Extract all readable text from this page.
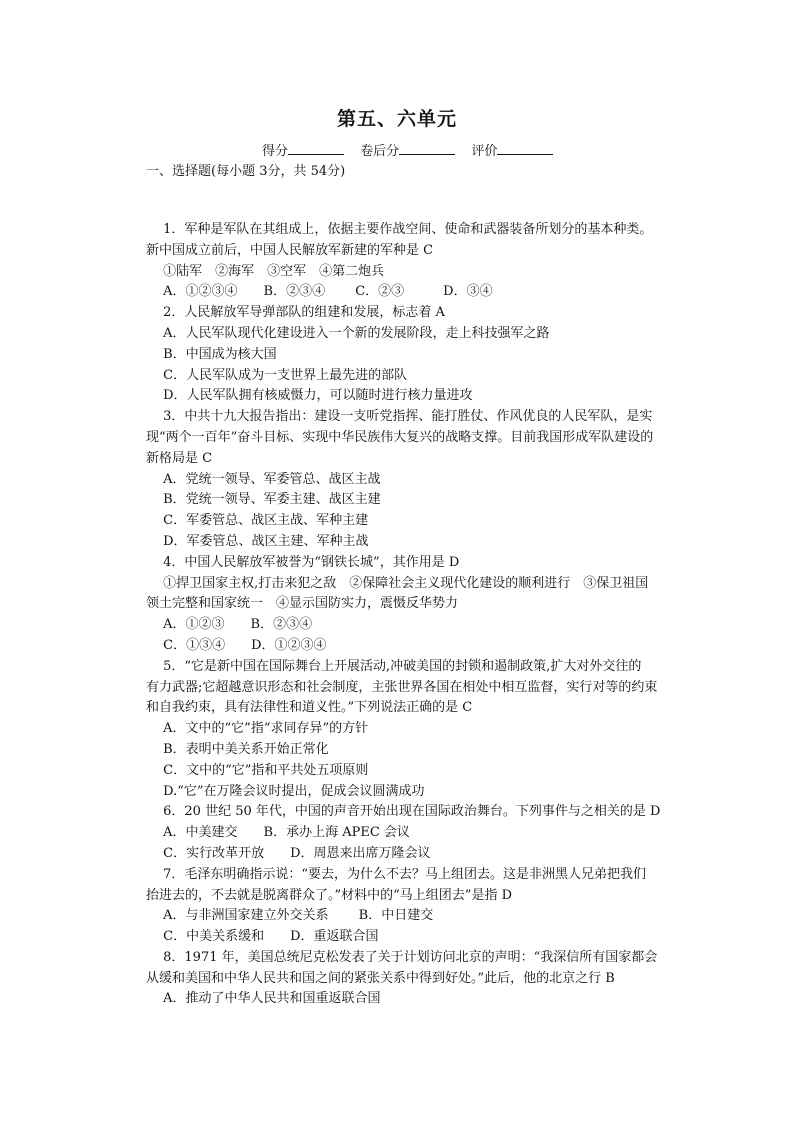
第五、六单元
得分	卷后分	评价
一、选择题(每小题 3分，共 54分)
　 1．军种是军队在其组成上，依据主要作战空间、使命和武器装备所划分的基本种类。
新中国成立前后，中国人民解放军新建的军种是 C
　 ①陆军　②海军　③空军　④第二炮兵
　 A．①②③④　　B．②③④　　 C．②③　　　D．③④
　 2．人民解放军导弹部队的组建和发展，标志着 A
　 A．人民军队现代化建设进入一个新的发展阶段，走上科技强军之路
　 B．中国成为核大国
　 C．人民军队成为一支世界上最先进的部队
　 D．人民军队拥有核威慑力，可以随时进行核力量进攻
　 3．中共十九大报告指出：建设一支听党指挥、能打胜仗、作风优良的人民军队，是实
现“两个一百年”奋斗目标、实现中华民族伟大复兴的战略支撑。目前我国形成军队建设的
新格局是 C
　 A．党统一领导、军委管总、战区主战
　 B．党统一领导、军委主建、战区主建
　 C．军委管总、战区主战、军种主建
　 D．军委管总、战区主建、军种主战
　 4．中国人民解放军被誉为“钢铁长城”，其作用是 D
　 ①捍卫国家主权,打击来犯之敌　②保障社会主义现代化建设的顺利进行　③保卫祖国
领土完整和国家统一　④显示国防实力，震慑反华势力
　 A．①②③　　B．②③④
　 C．①③④　　D．①②③④
　 5．“它是新中国在国际舞台上开展活动,冲破美国的封锁和遏制政策,扩大对外交往的
有力武器;它超越意识形态和社会制度，主张世界各国在相处中相互监督，实行对等的约束
和自我约束，具有法律性和道义性。”下列说法正确的是 C
　 A．文中的“它”指“求同存异”的方针
　 B．表明中美关系开始正常化
　 C．文中的“它”指和平共处五项原则
　 D.“它”在万隆会议时提出，促成会议圆满成功
　 6．20 世纪 50 年代，中国的声音开始出现在国际政治舞台。下列事件与之相关的是 D
　 A．中美建交　　B．承办上海 APEC 会议
　 C．实行改革开放　　D．周恩来出席万隆会议
　 7．毛泽东明确指示说：“要去，为什么不去？马上组团去。这是非洲黑人兄弟把我们
抬进去的，不去就是脱离群众了。”材料中的“马上组团去”是指 D
　 A．与非洲国家建立外交关系　　 B．中日建交
　 C．中美关系缓和　　D．重返联合国
　 8．1971 年，美国总统尼克松发表了关于计划访问北京的声明：“我深信所有国家都会
从缓和美国和中华人民共和国之间的紧张关系中得到好处。”此后，他的北京之行 B
　 A．推动了中华人民共和国重返联合国
